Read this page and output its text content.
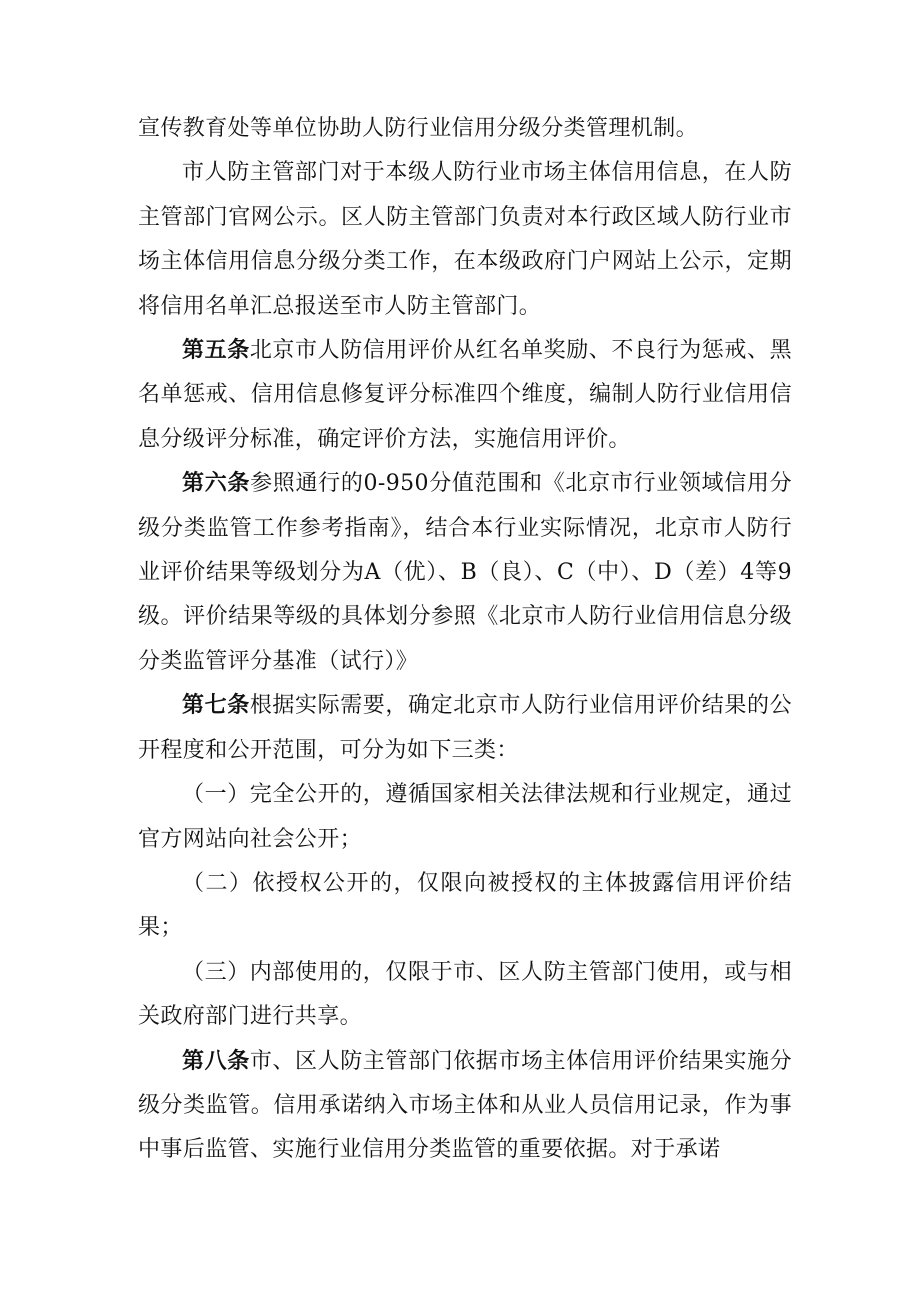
宣传教育处等单位协助人防行业信用分级分类管理机制。

市人防主管部门对于本级人防行业市场主体信用信息，在人防主管部门官网公示。区人防主管部门负责对本行政区域人防行业市场主体信用信息分级分类工作，在本级政府门户网站上公示，定期将信用名单汇总报送至市人防主管部门。

第五条北京市人防信用评价从红名单奖励、不良行为惩戒、黑名单惩戒、信用信息修复评分标准四个维度，编制人防行业信用信息分级评分标准，确定评价方法，实施信用评价。

第六条参照通行的0-950分值范围和《北京市行业领域信用分级分类监管工作参考指南》，结合本行业实际情况，北京市人防行业评价结果等级划分为A（优）、B（良）、C（中）、D（差）4等9级。评价结果等级的具体划分参照《北京市人防行业信用信息分级分类监管评分基准（试行）》

第七条根据实际需要，确定北京市人防行业信用评价结果的公开程度和公开范围，可分为如下三类：

（一）完全公开的，遵循国家相关法律法规和行业规定，通过官方网站向社会公开；

（二）依授权公开的，仅限向被授权的主体披露信用评价结果；

（三）内部使用的，仅限于市、区人防主管部门使用，或与相关政府部门进行共享。

第八条市、区人防主管部门依据市场主体信用评价结果实施分级分类监管。信用承诺纳入市场主体和从业人员信用记录，作为事中事后监管、实施行业信用分类监管的重要依据。对于承诺
